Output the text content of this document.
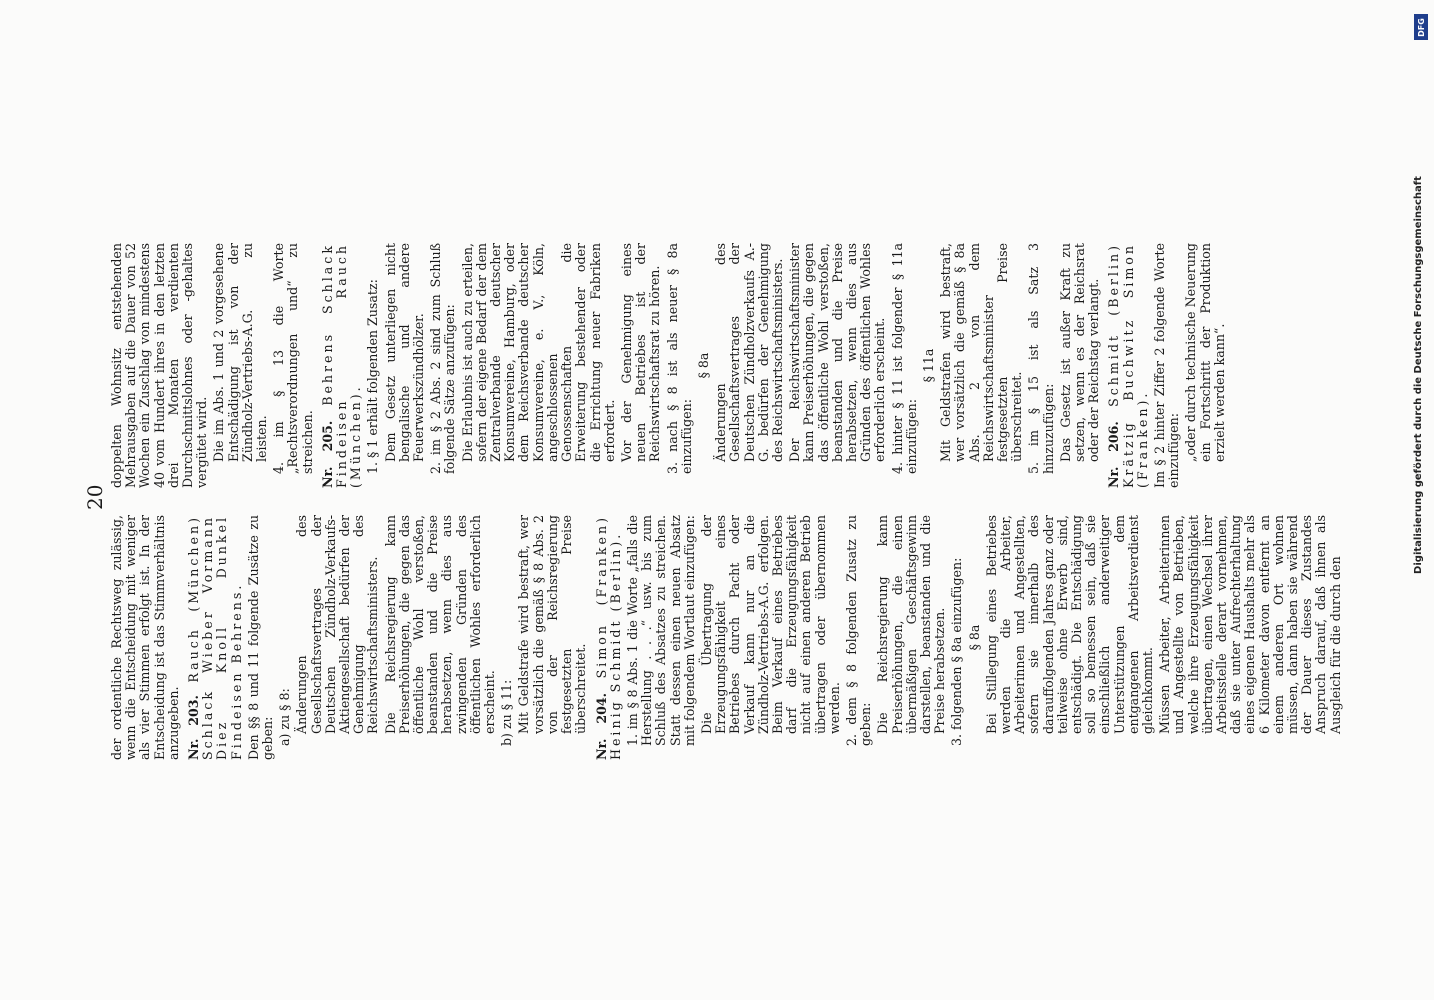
20

der ordentliche Rechtsweg zulässig, wenn die Entscheidung mit weniger als vier Stimmen erfolgt ist. In der Entscheidung ist das Stimmverhältnis anzugeben. Nr. 203. Rauch (München) Schlack Wieber Vormann Diez Knoll Dunkel Findeisen Behrens. Den §§ 8 und 11 folgende Zusätze zu geben: a) zu § 8: Änderungen des Gesellschaftsvertrages der Deutschen Zündholz-Verkaufs-Aktiengesellschaft bedürfen der Genehmigung des Reichswirtschaftsministers. Die Reichsregierung kann Preiserhöhungen, die gegen das öffentliche Wohl verstoßen, beanstanden und die Preise herabsetzen, wenn dies aus zwingenden Gründen des öffentlichen Wohles erforderlich erscheint. b) zu § 11: Mit Geldstrafe wird bestraft, wer vorsätzlich die gemäß § 8 Abs. 2 von der Reichsregierung festgesetzten Preise überschreitet. Nr. 204. Simon (Franken) Heinig Schmidt (Berlin). 1. im § 8 Abs. 1 die Worte „falls die Herstellung . . .“ usw. bis zum Schluß des Absatzes zu streichen. Statt dessen einen neuen Absatz mit folgendem Wortlaut einzufügen: Die Übertragung der Erzeugungsfähigkeit eines Betriebes durch Pacht oder Verkauf kann nur an die Zündholz-Vertriebs-A.G. erfolgen. Beim Verkauf eines Betriebes darf die Erzeugungsfähigkeit nicht auf einen anderen Betrieb übertragen oder übernommen werden. 2. dem § 8 folgenden Zusatz zu geben: Die Reichsregierung kann Preiserhöhungen, die einen übermäßigen Geschäftsgewinn darstellen, beanstanden und die Preise herabsetzen. 3. folgenden § 8a einzufügen: § 8a Bei Stillegung eines Betriebes werden die Arbeiter, Arbeiterinnen und Angestellten, sofern sie innerhalb des darauffolgenden Jahres ganz oder teilweise ohne Erwerb sind, entschädigt. Die Entschädigung soll so bemessen sein, daß sie einschließlich anderweitiger Unterstützungen dem entgangenen Arbeitsverdienst gleichkommt. Müssen Arbeiter, Arbeiterinnen und Angestellte von Betrieben, welche ihre Erzeugungsfähigkeit übertragen, einen Wechsel ihrer Arbeitsstelle derart vornehmen, daß sie unter Aufrechterhaltung eines eigenen Haushalts mehr als 6 Kilometer davon entfernt an einem anderen Ort wohnen müssen, dann haben sie während der Dauer dieses Zustandes Anspruch darauf, daß ihnen als Ausgleich für die durch den

doppelten Wohnsitz entstehenden Mehrausgaben auf die Dauer von 52 Wochen ein Zuschlag von mindestens 40 vom Hundert ihres in den letzten drei Monaten verdienten Durchschnittslohnes oder -gehaltes vergütet wird. Die im Abs. 1 und 2 vorgesehene Entschädigung ist von der Zündholz-Vertriebs-A.G. zu leisten. 4. im § 13 die Worte „Rechtsverordnungen und“ zu streichen. Nr. 205. Behrens Schlack Findeisen Rauch (München). 1. § 1 erhält folgenden Zusatz: Dem Gesetz unterliegen nicht bengalische und andere Feuerwerkszündhölzer. 2. im § 2 Abs. 2 sind zum Schluß folgende Sätze anzufügen: Die Erlaubnis ist auch zu erteilen, sofern der eigene Bedarf der dem Zentralverbande deutscher Konsumvereine, Hamburg, oder dem Reichsverbande deutscher Konsumvereine, e. V., Köln, angeschlossenen Genossenschaften die Erweiterung bestehender oder die Errichtung neuer Fabriken erfordert. Vor der Genehmigung eines neuen Betriebes ist der Reichswirtschaftsrat zu hören. 3. nach § 8 ist als neuer § 8a einzufügen:

§ 8a Änderungen des Gesellschaftsvertrages der Deutschen Zündholzverkaufs A.-G. bedürfen der Genehmigung des Reichswirtschaftsministers. Der Reichswirtschaftsminister kann Preiserhöhungen, die gegen das öffentliche Wohl verstoßen, beanstanden und die Preise herabsetzen, wenn dies aus Gründen des öffentlichen Wohles erforderlich erscheint. 4. hinter § 11 ist folgender § 11a einzufügen:

§ 11a Mit Geldstrafen wird bestraft, wer vorsätzlich die gemäß § 8a Abs. 2 von dem Reichswirtschaftsminister festgesetzten Preise überschreitet. 5. im § 15 ist als Satz 3 hinzuzufügen: Das Gesetz ist außer Kraft zu setzen, wenn es der Reichsrat oder der Reichstag verlangt. Nr. 206. Schmidt (Berlin) Krätzig Buchwitz Simon (Franken). Im § 2 hinter Ziffer 2 folgende Worte einzufügen: „oder durch technische Neuerung ein Fortschritt der Produktion erzielt werden kann“.

DFG
Digitalisierung gefördert durch die Deutsche Forschungsgemeinschaft
